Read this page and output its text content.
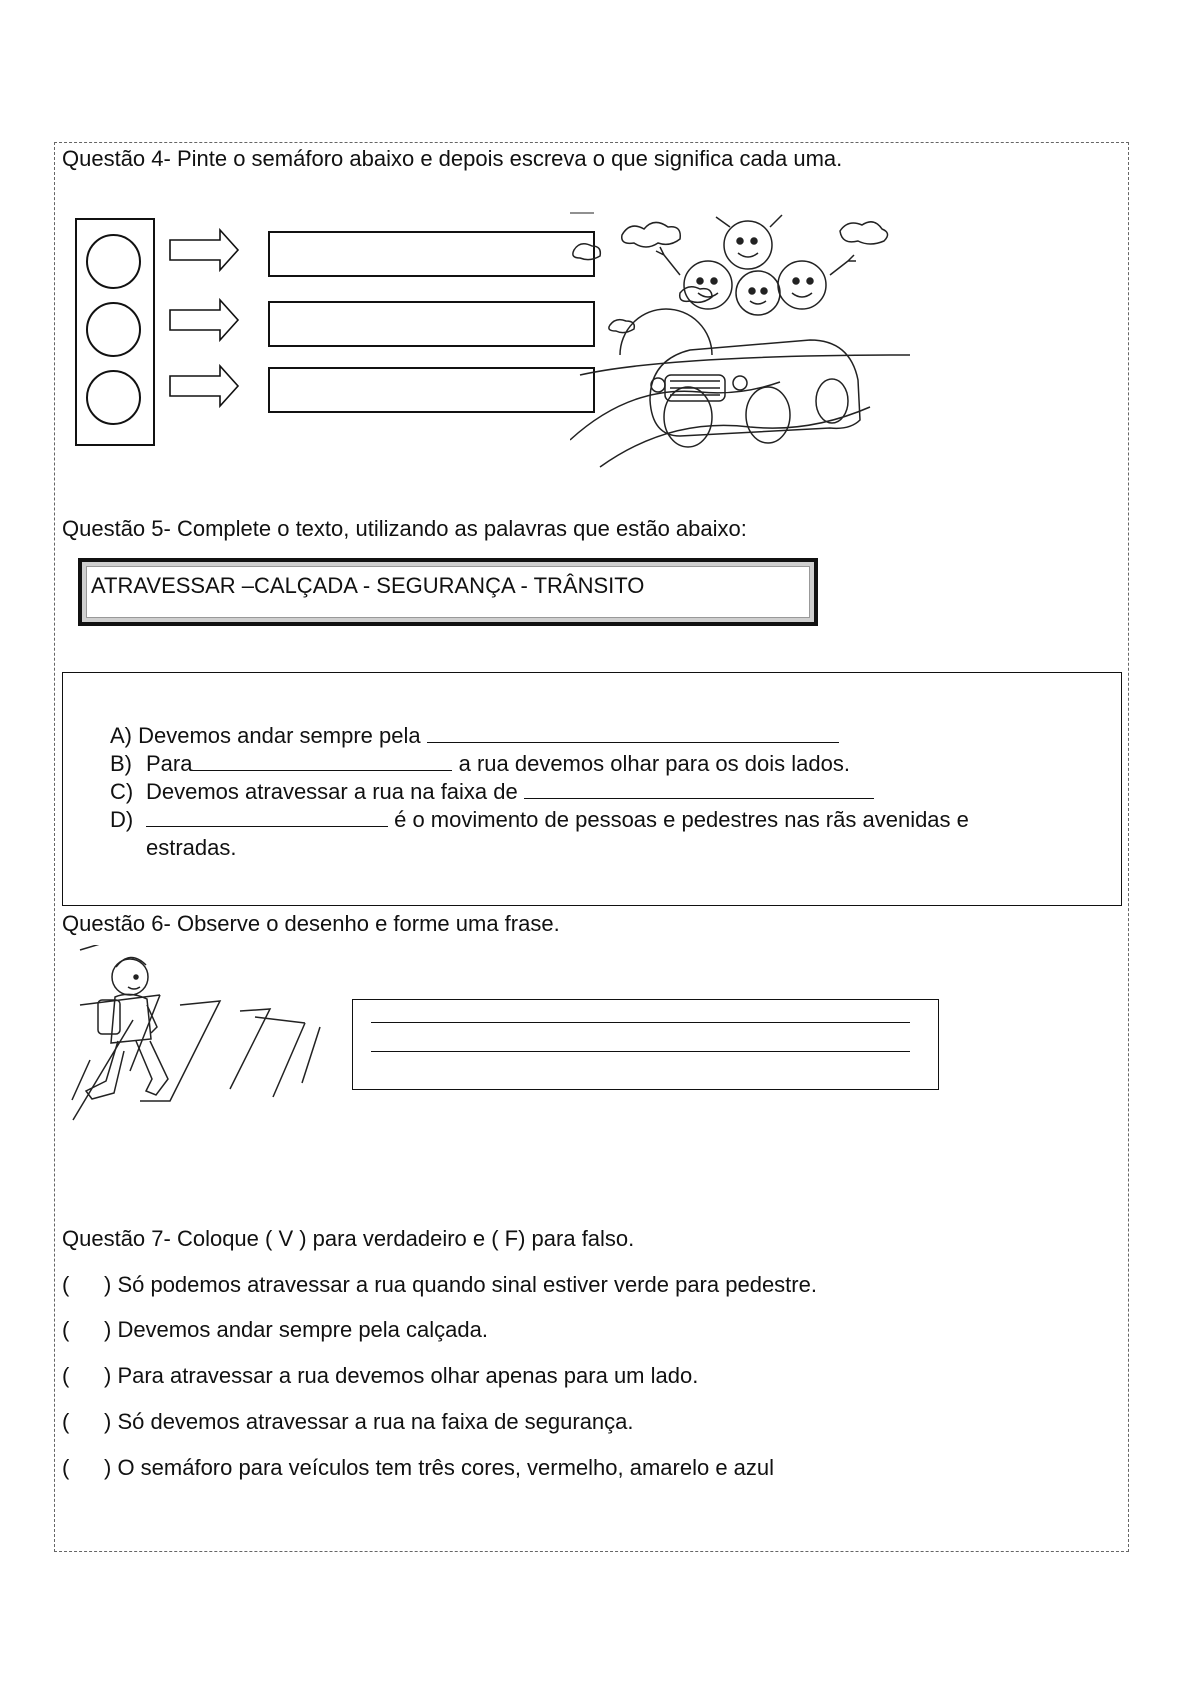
Questão 4- Pinte o semáforo abaixo e depois escreva o que significa cada uma.
Questão 5- Complete o texto, utilizando as palavras que estão abaixo:
ATRAVESSAR –CALÇADA - SEGURANÇA - TRÂNSITO
A) Devemos andar sempre pela
B) Para	a rua devemos olhar para os dois lados.
C) Devemos atravessar a rua na faixa de
D)	é o movimento de pessoas e pedestres nas rãs avenidas e
estradas.
Questão 6- Observe o desenho e forme uma frase.
Questão 7- Coloque ( V ) para verdadeiro e ( F) para falso.
( ) Só podemos atravessar a rua quando sinal estiver verde para pedestre.
( ) Devemos andar sempre pela calçada.
( ) Para atravessar a rua devemos olhar apenas para um lado.
( ) Só devemos atravessar a rua na faixa de segurança.
( ) O semáforo para veículos tem três cores, vermelho, amarelo e azul
